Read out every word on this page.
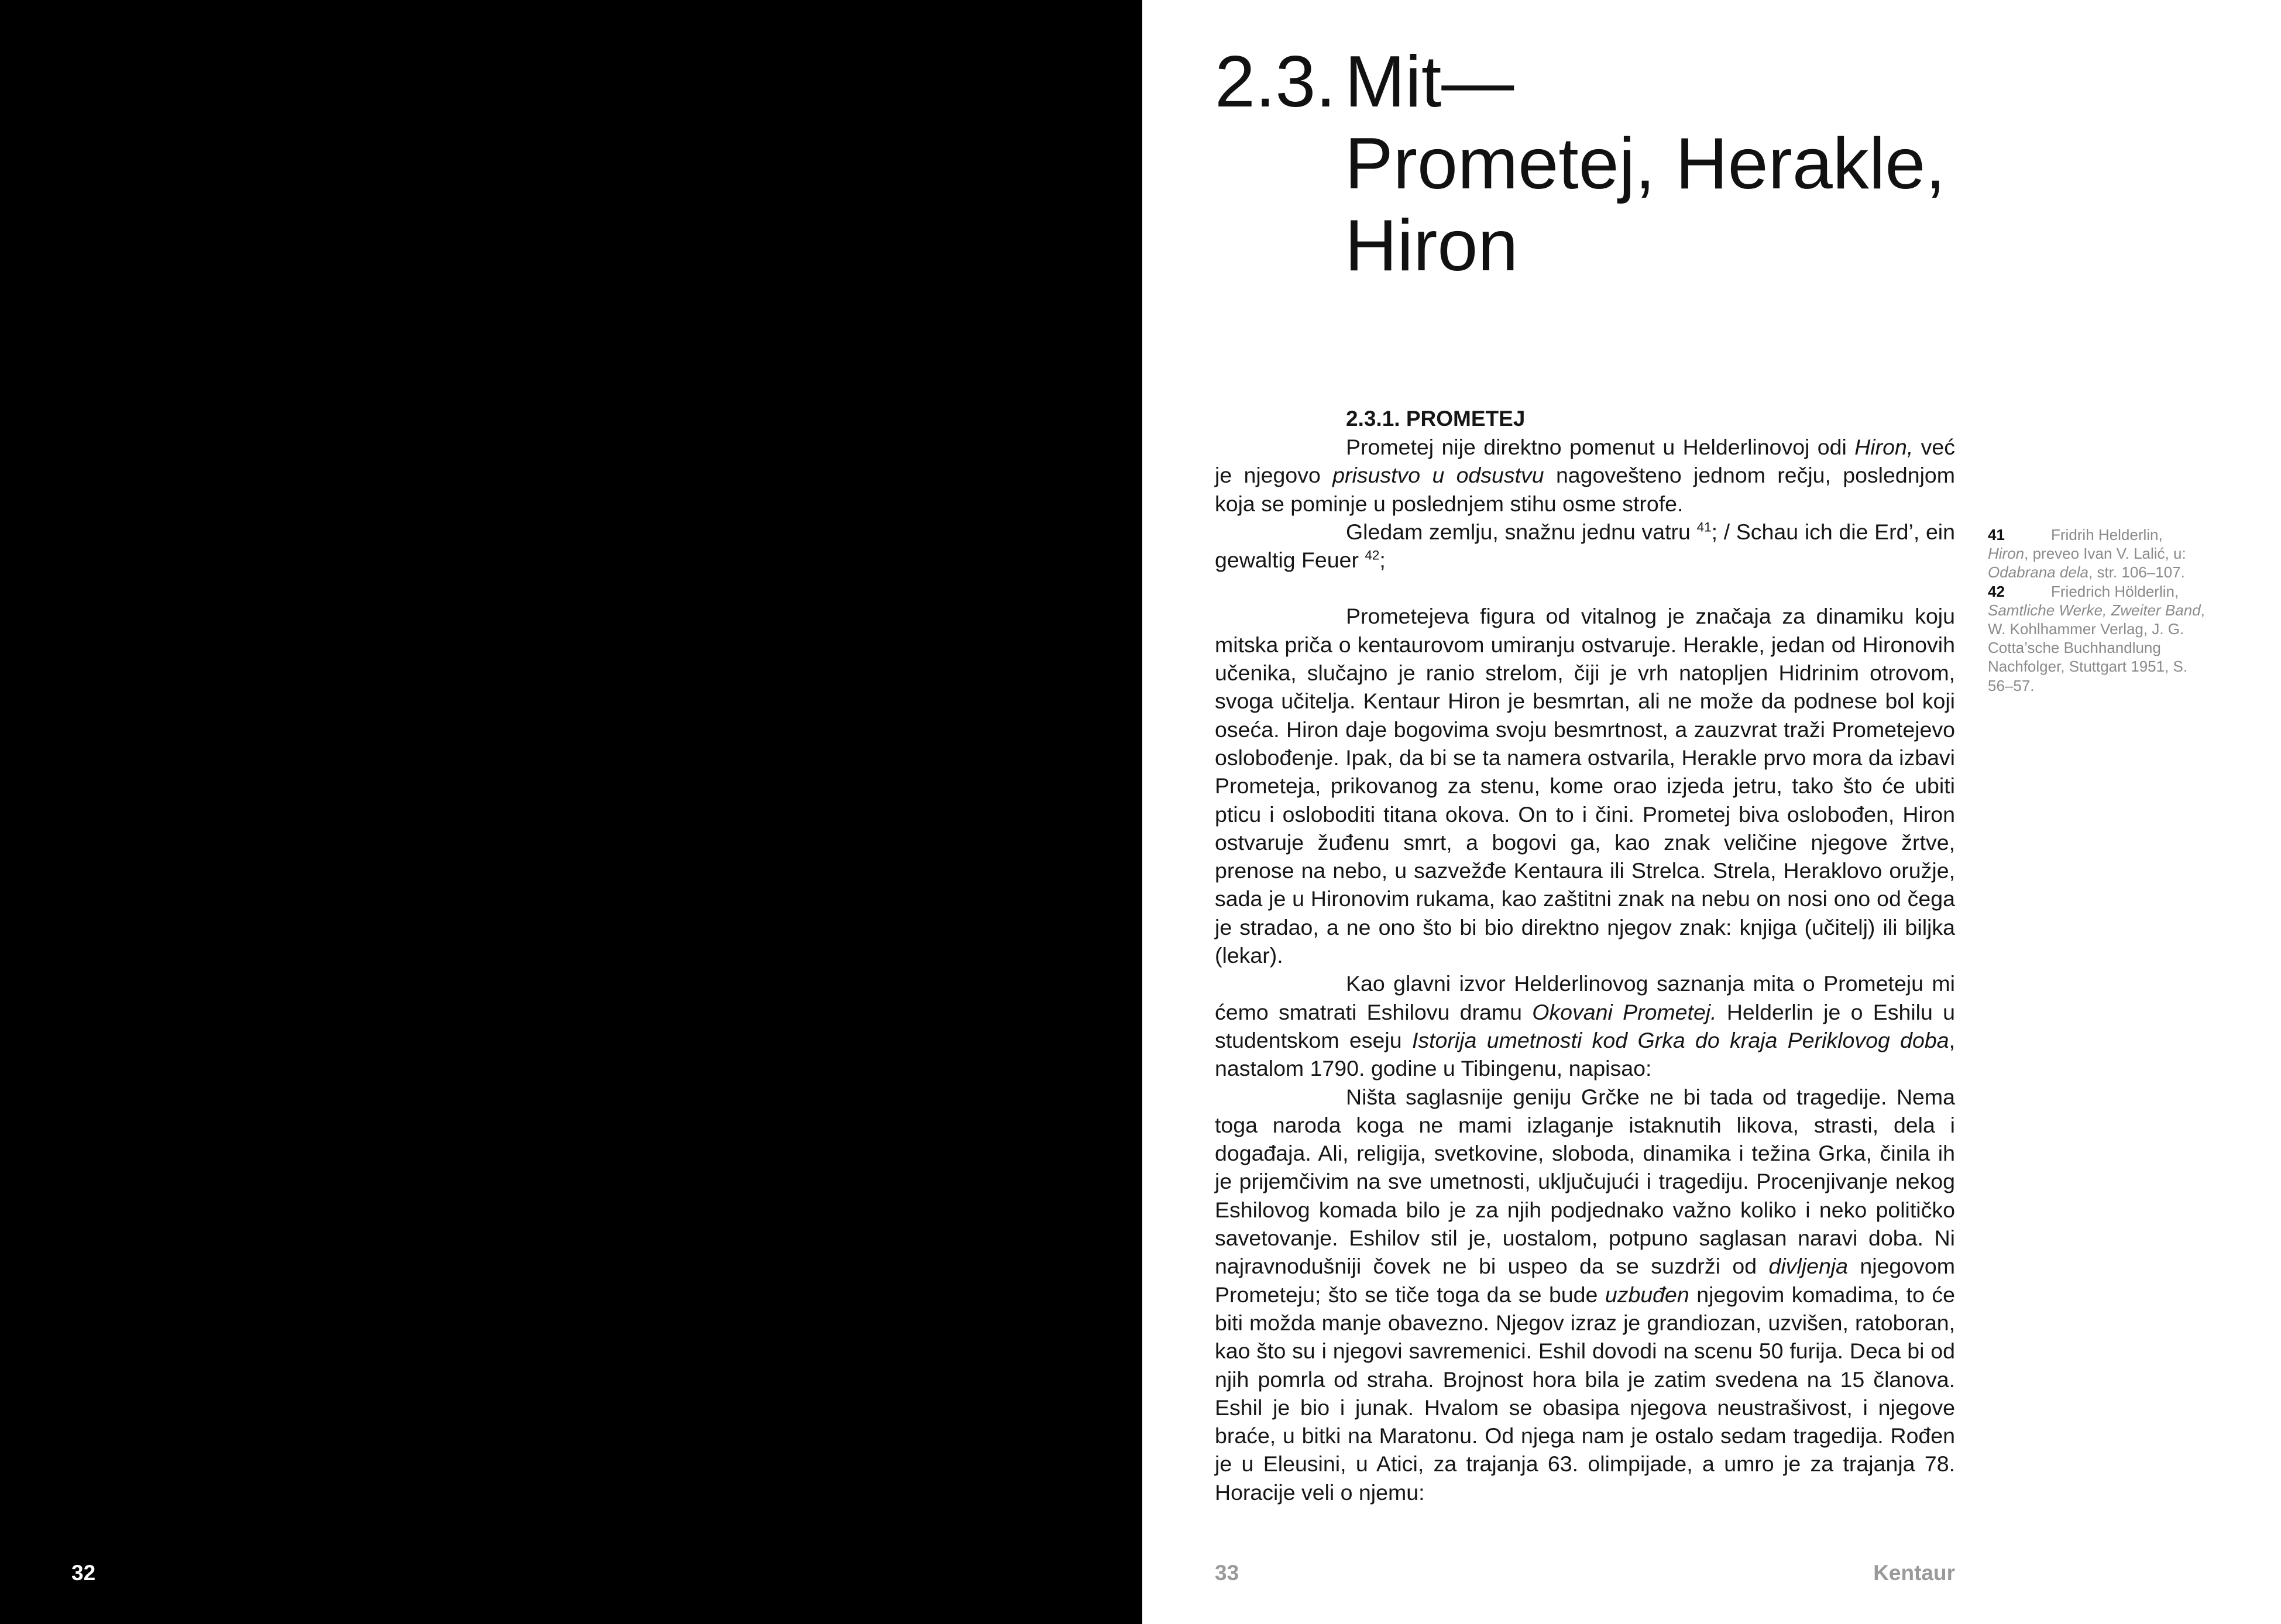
32
2.3. Mit—
Prometej, Herakle,
Hiron
2.3.1. PROMETEJ

Prometej nije direktno pomenut u Helderlinovoj odi Hiron, već je njegovo prisustvo u odsustvu nagovešteno jednom rečju, poslednjom koja se pominje u poslednjem stihu osme strofe.

Gledam zemlju, snažnu jednu vatru $^{41}$; / Schau ich die Erd’, ein gewaltig Feuer $^{42}$;

Prometejeva figura od vitalnog je značaja za dinamiku koju mitska priča o kentaurovom umiranju ostvaruje. Herakle, jedan od Hironovih učenika, slučajno je ranio strelom, čiji je vrh natopljen Hidrinim otrovom, svoga učitelja. Kentaur Hiron je besmrtan, ali ne može da podnese bol koji oseća. Hiron daje bogovima svoju besmrtnost, a zauzvrat traži Prometejevo oslobođenje. Ipak, da bi se ta namera ostvarila, Herakle prvo mora da izbavi Prometeja, prikovanog za stenu, kome orao izjeda jetru, tako što će ubiti pticu i osloboditi titana okova. On to i čini. Prometej biva oslobođen, Hiron ostvaruje žuđenu smrt, a bogovi ga, kao znak veličine njegove žrtve, prenose na nebo, u sazvežđe Kentaura ili Strelca. Strela, Heraklovo oružje, sada je u Hironovim rukama, kao zaštitni znak na nebu on nosi ono od čega je stradao, a ne ono što bi bio direktno njegov znak: knjiga (učitelj) ili biljka (lekar).

Kao glavni izvor Helderlinovog saznanja mita o Prometeju mi ćemo smatrati Eshilovu dramu Okovani Prometej. Helderlin je o Eshilu u studentskom eseju Istorija umetnosti kod Grka do kraja Periklovog doba, nastalom 1790. godine u Tibingenu, napisao:

Ništa saglasnije geniju Grčke ne bi tada od tragedije. Nema toga naroda koga ne mami izlaganje istaknutih likova, strasti, dela i događaja. Ali, religija, svetkovine, sloboda, dinamika i težina Grka, činila ih je prijemčivim na sve umetnosti, uključujući i tragediju. Procenjivanje nekog Eshilovog komada bilo je za njih podjednako važno koliko i neko političko savetovanje. Eshilov stil je, uostalom, potpuno saglasan naravi doba. Ni najravnodušniji čovek ne bi uspeo da se suzdrži od divljenja njegovom Prometeju; što se tiče toga da se bude uzbuđen njegovim komadima, to će biti možda manje obavezno. Njegov izraz je grandiozan, uzvišen, ratoboran, kao što su i njegovi savremenici. Eshil dovodi na scenu 50 furija. Deca bi od njih pomrla od straha. Brojnost hora bila je zatim svedena na 15 članova. Eshil je bio i junak. Hvalom se obasipa njegova neustrašivost, i njegove braće, u bitki na Maratonu. Od njega nam je ostalo sedam tragedija. Rođen je u Eleusini, u Atici, za trajanja 63. olimpijade, a umro je za trajanja 78. Horacije veli o njemu:

41	Fridrih Helderlin, Hiron, preveo Ivan V. Lalić, u: Odabrana dela, str. 106–107.
42	Friedrich Hölderlin, Samtliche Werke, Zweiter Band, W. Kohlhammer Verlag, J. G. Cotta’sche Buchhandlung Nachfolger, Stuttgart 1951, S. 56–57.
33	Kentaur
